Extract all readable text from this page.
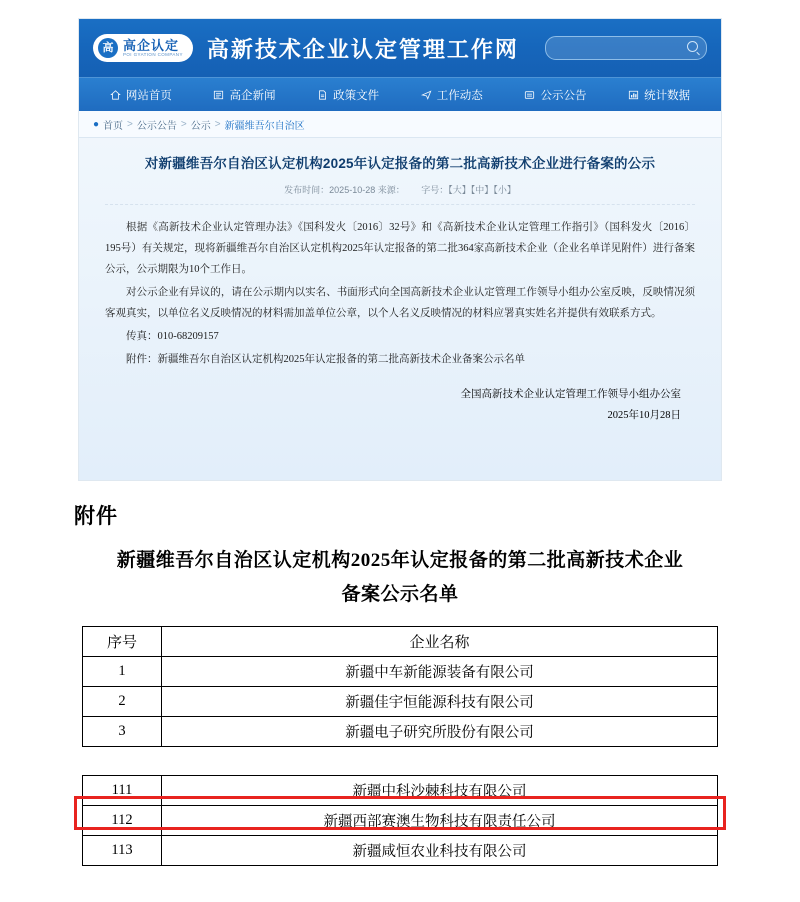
高 高企认定
POI GYATION COMPANY 高新技术企业认定管理工作网
网站首页	高企新闻	政策文件	工作动态	公示公告	统计数据
● 首页 > 公示公告 > 公示 > 新疆维吾尔自治区
对新疆维吾尔自治区认定机构2025年认定报备的第二批高新技术企业进行备案的公示
发布时间：2025-10-28 来源： 字号：【大】【中】【小】

根据《高新技术企业认定管理办法》《国科发火〔2016〕32号》和《高新技术企业认定管理工作指引》（国科发火〔2016〕195号）有关规定，现将新疆维吾尔自治区认定机构2025年认定报备的第二批364家高新技术企业（企业名单详见附件）进行备案公示，公示期限为10个工作日。

对公示企业有异议的，请在公示期内以实名、书面形式向全国高新技术企业认定管理工作领导小组办公室反映，反映情况须客观真实，以单位名义反映情况的材料需加盖单位公章，以个人名义反映情况的材料应署真实姓名并提供有效联系方式。

传真：010-68209157

附件：新疆维吾尔自治区认定机构2025年认定报备的第二批高新技术企业备案公示名单

全国高新技术企业认定管理工作领导小组办公室
2025年10月28日
附件
新疆维吾尔自治区认定机构2025年认定报备的第二批高新技术企业
备案公示名单
序号	企业名称
1	新疆中车新能源装备有限公司
2	新疆佳宇恒能源科技有限公司
3	新疆电子研究所股份有限公司
111	新疆中科沙棘科技有限公司
112	新疆西部赛澳生物科技有限责任公司
113	新疆咸恒农业科技有限公司
